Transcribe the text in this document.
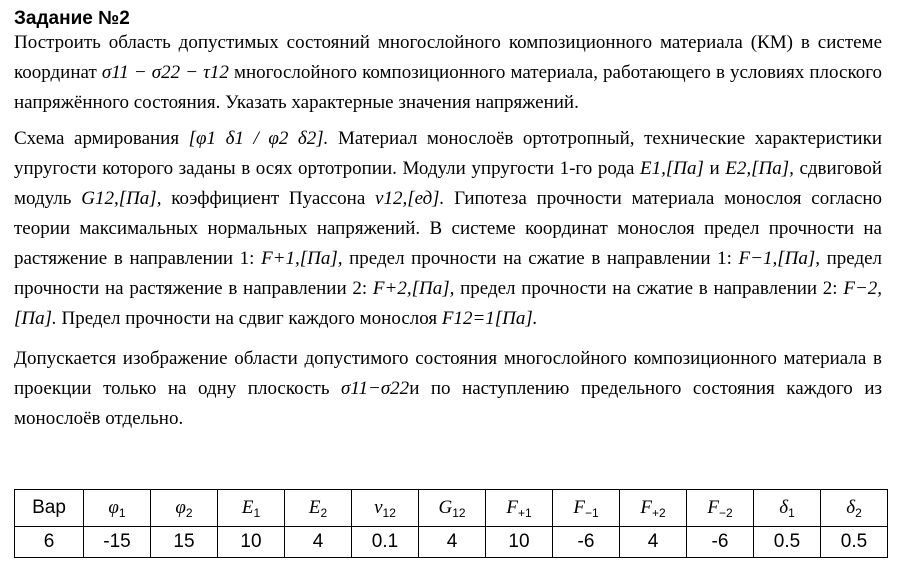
Задание №2

Построить область допустимых состояний многослойного композиционного материала (КМ) в системе координат σ11 − σ22 − τ12 многослойного композиционного материала, работающего в условиях плоского напряжённого состояния. Указать характерные значения напряжений.

Схема армирования [φ1 δ1 / φ2 δ2]. Материал монослоёв ортотропный, технические характеристики упругости которого заданы в осях ортотропии. Модули упругости 1-го рода E1,[Па] и E2,[Па], сдвиговой модуль G12,[Па], коэффициент Пуассона ν12,[ед]. Гипотеза прочности материала монослоя согласно теории максимальных нормальных напряжений. В системе координат монослоя предел прочности на растяжение в направлении 1: F+1,[Па], предел прочности на сжатие в направлении 1: F−1,[Па], предел прочности на растяжение в направлении 2: F+2,[Па], предел прочности на сжатие в направлении 2: F−2,[Па]. Предел прочности на сдвиг каждого монослоя F12=1[Па].

Допускается изображение области допустимого состояния многослойного композиционного материала в проекции только на одну плоскость σ11−σ22и по наступлению предельного состояния каждого из монослоёв отдельно.

Вар	$\varphi_1$	$\varphi_2$	$E_1$	$E_2$	$\nu_{12}$	$G_{12}$	$F_{+1}$	$F_{-1}$	$F_{+2}$	$F_{-2}$	$\delta_1$	$\delta_2$
6	-15	15	10	4	0.1	4	10	-6	4	-6	0.5	0.5
